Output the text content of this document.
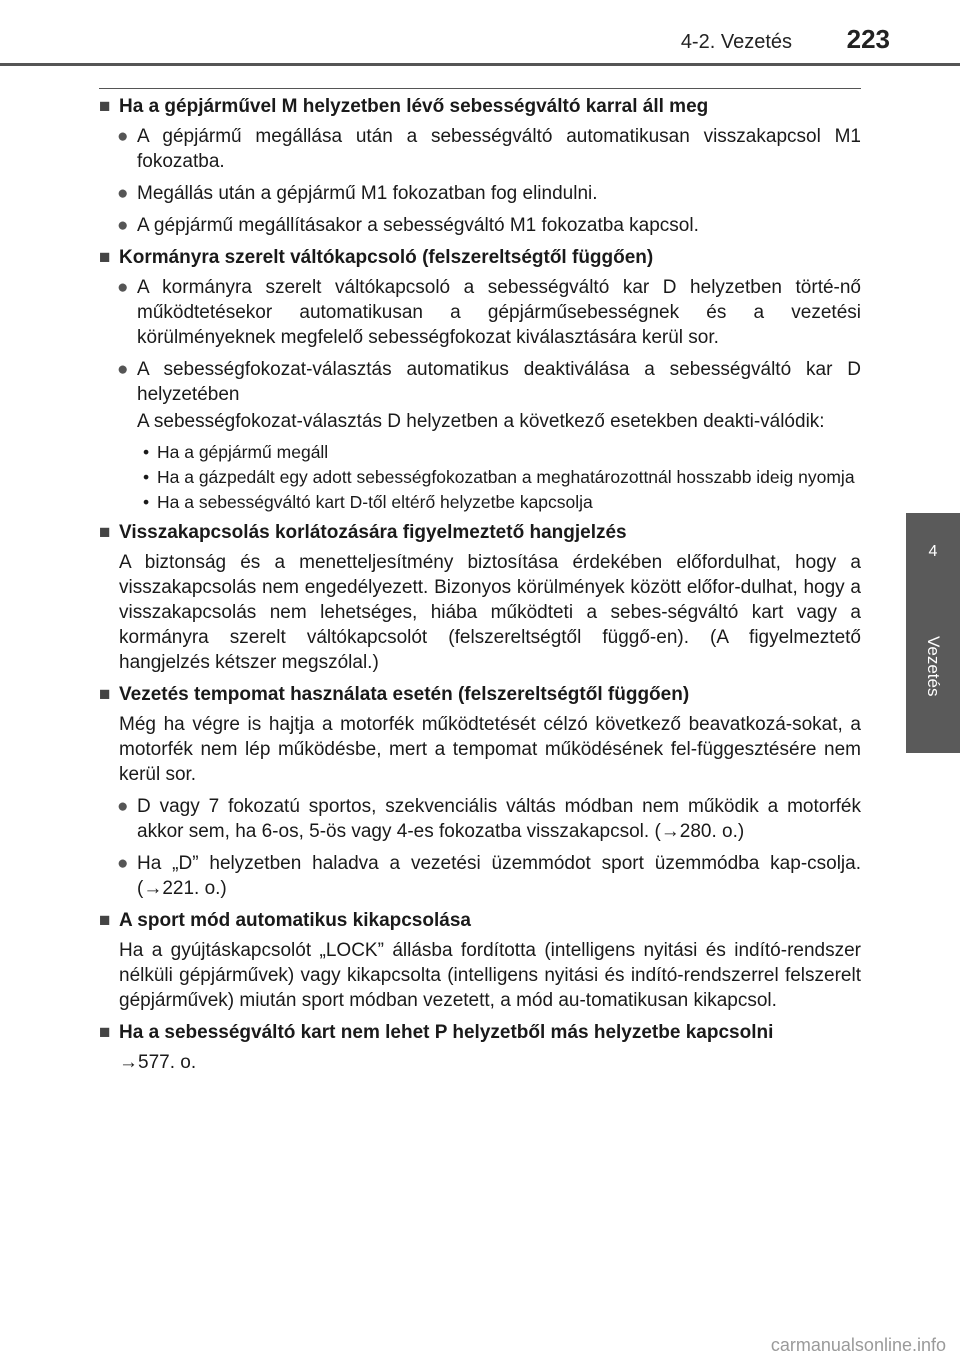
4-2. Vezetés 223
4
Vezetés
■ Ha a gépjárművel M helyzetben lévő sebességváltó karral áll meg
● A gépjármű megállása után a sebességváltó automatikusan visszakapcsol M1 fokozatba.
● Megállás után a gépjármű M1 fokozatban fog elindulni.
● A gépjármű megállításakor a sebességváltó M1 fokozatba kapcsol.
■ Kormányra szerelt váltókapcsoló (felszereltségtől függően)
● A kormányra szerelt váltókapcsoló a sebességváltó kar D helyzetben törté-nő működtetésekor automatikusan a gépjárműsebességnek és a vezetési körülményeknek megfelelő sebességfokozat kiválasztására kerül sor.
● A sebességfokozat-választás automatikus deaktiválása a sebességváltó kar D helyzetében
A sebességfokozat-választás D helyzetben a következő esetekben deakti-válódik:
• Ha a gépjármű megáll
• Ha a gázpedált egy adott sebességfokozatban a meghatározottnál hosszabb ideig nyomja
• Ha a sebességváltó kart D-től eltérő helyzetbe kapcsolja
■ Visszakapcsolás korlátozására figyelmeztető hangjelzés
A biztonság és a menetteljesítmény biztosítása érdekében előfordulhat, hogy a visszakapcsolás nem engedélyezett. Bizonyos körülmények között előfor-dulhat, hogy a visszakapcsolás nem lehetséges, hiába működteti a sebes-ségváltó kart vagy a kormányra szerelt váltókapcsolót (felszereltségtől függő-en). (A figyelmeztető hangjelzés kétszer megszólal.)
■ Vezetés tempomat használata esetén (felszereltségtől függően)
Még ha végre is hajtja a motorfék működtetését célzó következő beavatkozá-sokat, a motorfék nem lép működésbe, mert a tempomat működésének fel-függesztésére nem kerül sor.
● D vagy 7 fokozatú sportos, szekvenciális váltás módban nem működik a motorfék akkor sem, ha 6-os, 5-ös vagy 4-es fokozatba visszakapcsol. (→280. o.)
● Ha „D” helyzetben haladva a vezetési üzemmódot sport üzemmódba kap-csolja. (→221. o.)
■ A sport mód automatikus kikapcsolása
Ha a gyújtáskapcsolót „LOCK” állásba fordította (intelligens nyitási és indító-rendszer nélküli gépjárművek) vagy kikapcsolta (intelligens nyitási és indító-rendszerrel felszerelt gépjárművek) miután sport módban vezetett, a mód au-tomatikusan kikapcsol.
■ Ha a sebességváltó kart nem lehet P helyzetből más helyzetbe kapcsolni
→577. o.
carmanualsonline.info
